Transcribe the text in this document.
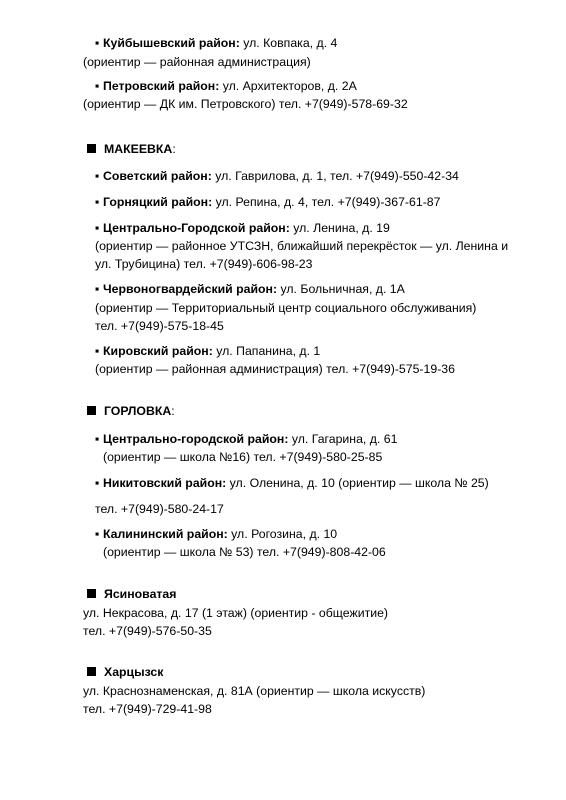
▪ Куйбышевский район: ул. Ковпака, д. 4
(ориентир — районная администрация)
▪ Петровский район: ул. Архитекторов, д. 2А
(ориентир — ДК им. Петровского) тел. +7(949)-578-69-32
МАКЕЕВКА:
▪ Советский район: ул. Гаврилова, д. 1, тел. +7(949)-550-42-34
▪ Горняцкий район: ул. Репина, д. 4, тел. +7(949)-367-61-87
▪ Центрально-Городской район: ул. Ленина, д. 19
(ориентир — районное УТСЗН, ближайший перекрёсток — ул. Ленина и
ул. Трубицина) тел. +7(949)-606-98-23
▪ Червоногвардейский район: ул. Больничная, д. 1А
(ориентир — Территориальный центр социального обслуживания)
тел. +7(949)-575-18-45
▪ Кировский район: ул. Папанина, д. 1
(ориентир — районная администрация) тел. +7(949)-575-19-36
ГОРЛОВКА:
▪ Центрально-городской район: ул. Гагарина, д. 61
(ориентир — школа №16) тел. +7(949)-580-25-85
▪ Никитовский район: ул. Оленина, д. 10 (ориентир — школа № 25)
тел. +7(949)-580-24-17
▪ Калининский район: ул. Рогозина, д. 10
(ориентир — школа № 53) тел. +7(949)-808-42-06
Ясиноватая
ул. Некрасова, д. 17 (1 этаж) (ориентир - общежитие)
тел. +7(949)-576-50-35
Харцызск
ул. Краснознаменская, д. 81А (ориентир — школа искусств)
тел. +7(949)-729-41-98
